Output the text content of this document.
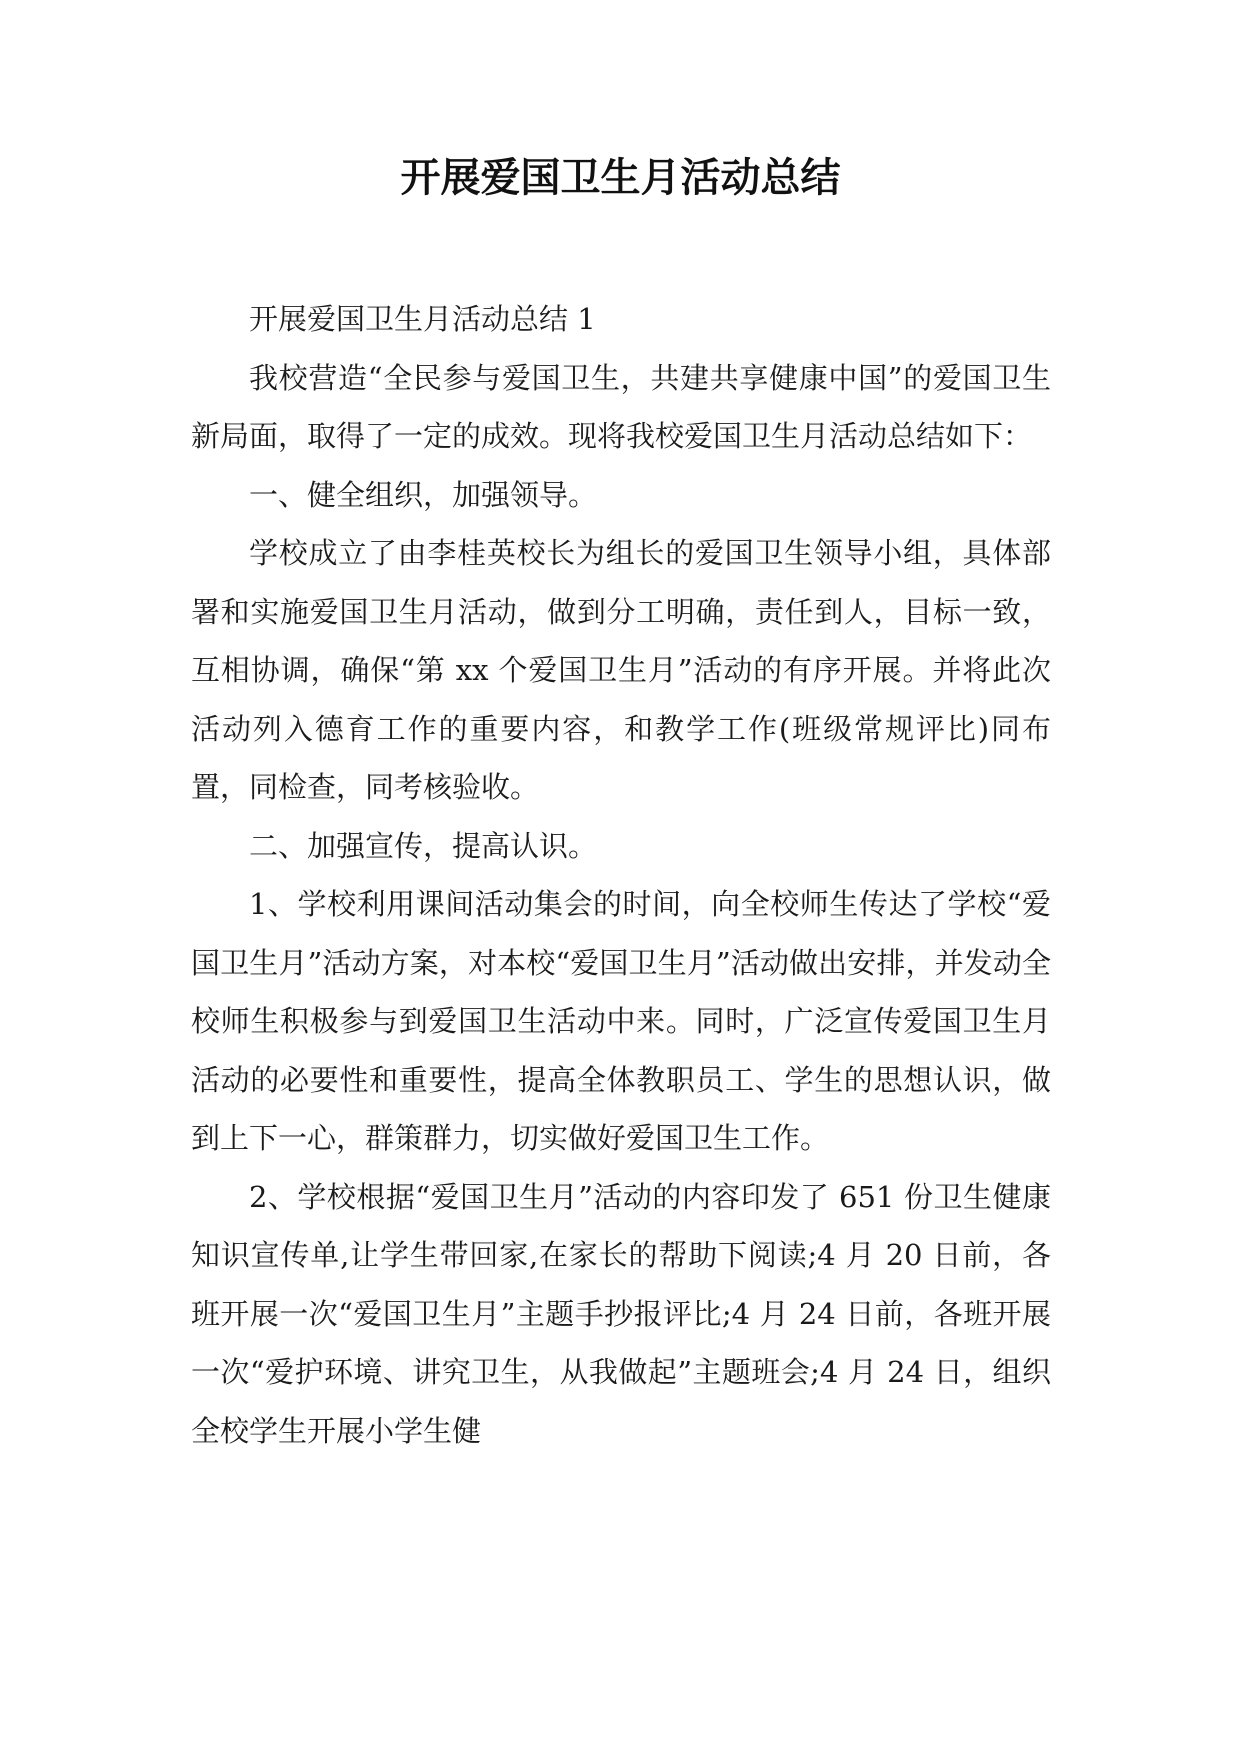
开展爱国卫生月活动总结

开展爱国卫生月活动总结 1

我校营造“全民参与爱国卫生，共建共享健康中国”的爱国卫生新局面，取得了一定的成效。现将我校爱国卫生月活动总结如下：

一、健全组织，加强领导。

学校成立了由李桂英校长为组长的爱国卫生领导小组，具体部署和实施爱国卫生月活动，做到分工明确，责任到人，目标一致，互相协调，确保“第 xx 个爱国卫生月”活动的有序开展。并将此次活动列入德育工作的重要内容，和教学工作(班级常规评比)同布置，同检查，同考核验收。

二、加强宣传，提高认识。

1、学校利用课间活动集会的时间，向全校师生传达了学校“爱国卫生月”活动方案，对本校“爱国卫生月”活动做出安排，并发动全校师生积极参与到爱国卫生活动中来。同时，广泛宣传爱国卫生月活动的必要性和重要性，提高全体教职员工、学生的思想认识，做到上下一心，群策群力，切实做好爱国卫生工作。

2、学校根据“爱国卫生月”活动的内容印发了 651 份卫生健康知识宣传单,让学生带回家,在家长的帮助下阅读;4 月 20 日前，各班开展一次“爱国卫生月”主题手抄报评比;4 月 24 日前，各班开展一次“爱护环境、讲究卫生，从我做起”主题班会;4 月 24 日，组织全校学生开展小学生健
